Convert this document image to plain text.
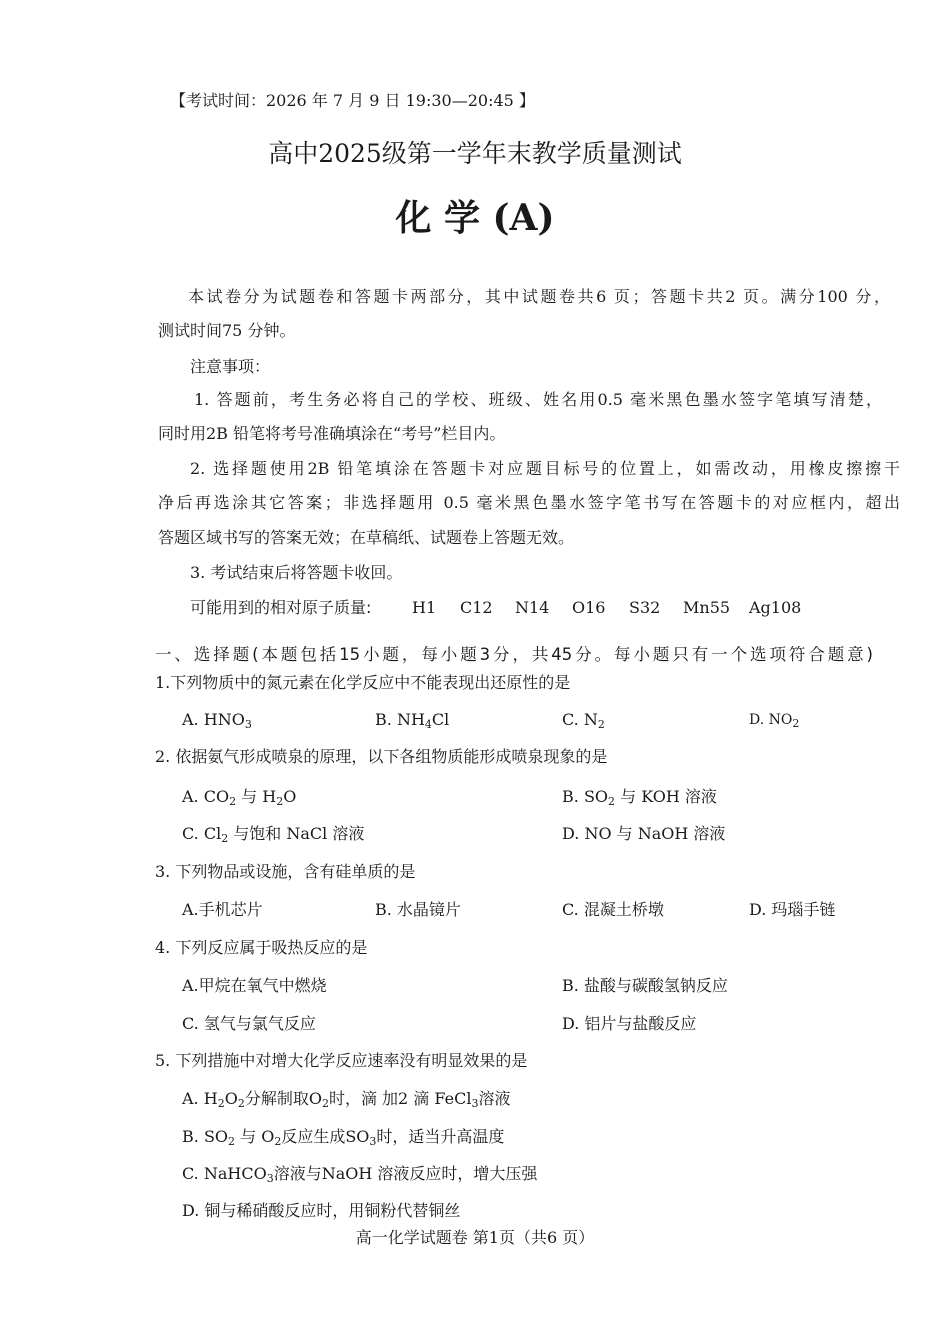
【考试时间：2026 年 7 月 9 日 19:30—20:45 】
高中2025级第一学年末教学质量测试
化 学 (A)
本试卷分为试题卷和答题卡两部分，其中试题卷共6 页；答题卡共2 页。满分100 分，
测试时间75 分钟。
注意事项：
1. 答题前，考生务必将自己的学校、班级、姓名用0.5 毫米黑色墨水签字笔填写清楚，
同时用2B 铅笔将考号准确填涂在“考号”栏目内。
2. 选择题使用2B 铅笔填涂在答题卡对应题目标号的位置上，如需改动，用橡皮擦擦干
净后再选涂其它答案；非选择题用 0.5 毫米黑色墨水签字笔书写在答题卡的对应框内，超出
答题区域书写的答案无效；在草稿纸、试题卷上答题无效。
3. 考试结束后将答题卡收回。
可能用到的相对原子质量:	H1 C12 N14 O16 S32 Mn55 Ag108
一、选择题(本题包括15小题，每小题3分，共45分。每小题只有一个选项符合题意)
1.下列物质中的氮元素在化学反应中不能表现出还原性的是
A. $HNO_3$	B. $NH_4Cl$	C. $N_2$	D. $NO_2$
2. 依据氨气形成喷泉的原理，以下各组物质能形成喷泉现象的是
A. $CO_2$ 与 $H_2O$	B. $SO_2$ 与 KOH 溶液
C. $Cl_2$ 与饱和 NaCl 溶液	D. NO 与 NaOH 溶液
3. 下列物品或设施，含有硅单质的是
A.手机芯片	B. 水晶镜片	C. 混凝土桥墩	D. 玛瑙手链
4. 下列反应属于吸热反应的是
A.甲烷在氧气中燃烧	B. 盐酸与碳酸氢钠反应
C. 氢气与氯气反应	D. 铝片与盐酸反应
5. 下列措施中对增大化学反应速率没有明显效果的是
A. $H_2O_2$分解制取$O_2$时，滴 加2 滴 FeCl$_3$溶液
B. $SO_2$ 与 $O_2$反应生成$SO_3$时，适当升高温度
C. NaHCO$_3$溶液与NaOH 溶液反应时，增大压强
D. 铜与稀硝酸反应时，用铜粉代替铜丝
高一化学试题卷 第1页（共6 页）
